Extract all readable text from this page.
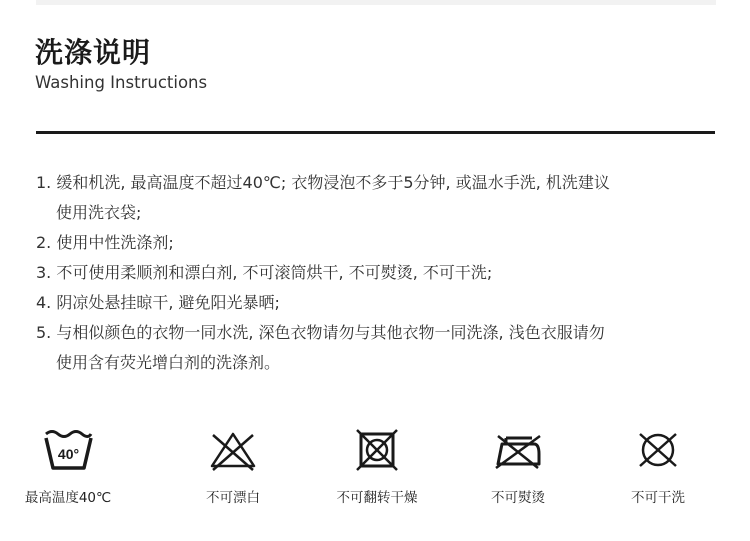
洗涤说明
Washing Instructions
1. 缓和机洗, 最高温度不超过40℃; 衣物浸泡不多于5分钟, 或温水手洗, 机洗建议
使用洗衣袋;
2. 使用中性洗涤剂;
3. 不可使用柔顺剂和漂白剂, 不可滚筒烘干, 不可熨烫, 不可干洗;
4. 阴凉处悬挂晾干, 避免阳光暴晒;
5. 与相似颜色的衣物一同水洗, 深色衣物请勿与其他衣物一同洗涤, 浅色衣服请勿
使用含有荧光增白剂的洗涤剂。
40°
最高温度40℃	不可漂白	不可翻转干燥	不可熨烫	不可干洗
